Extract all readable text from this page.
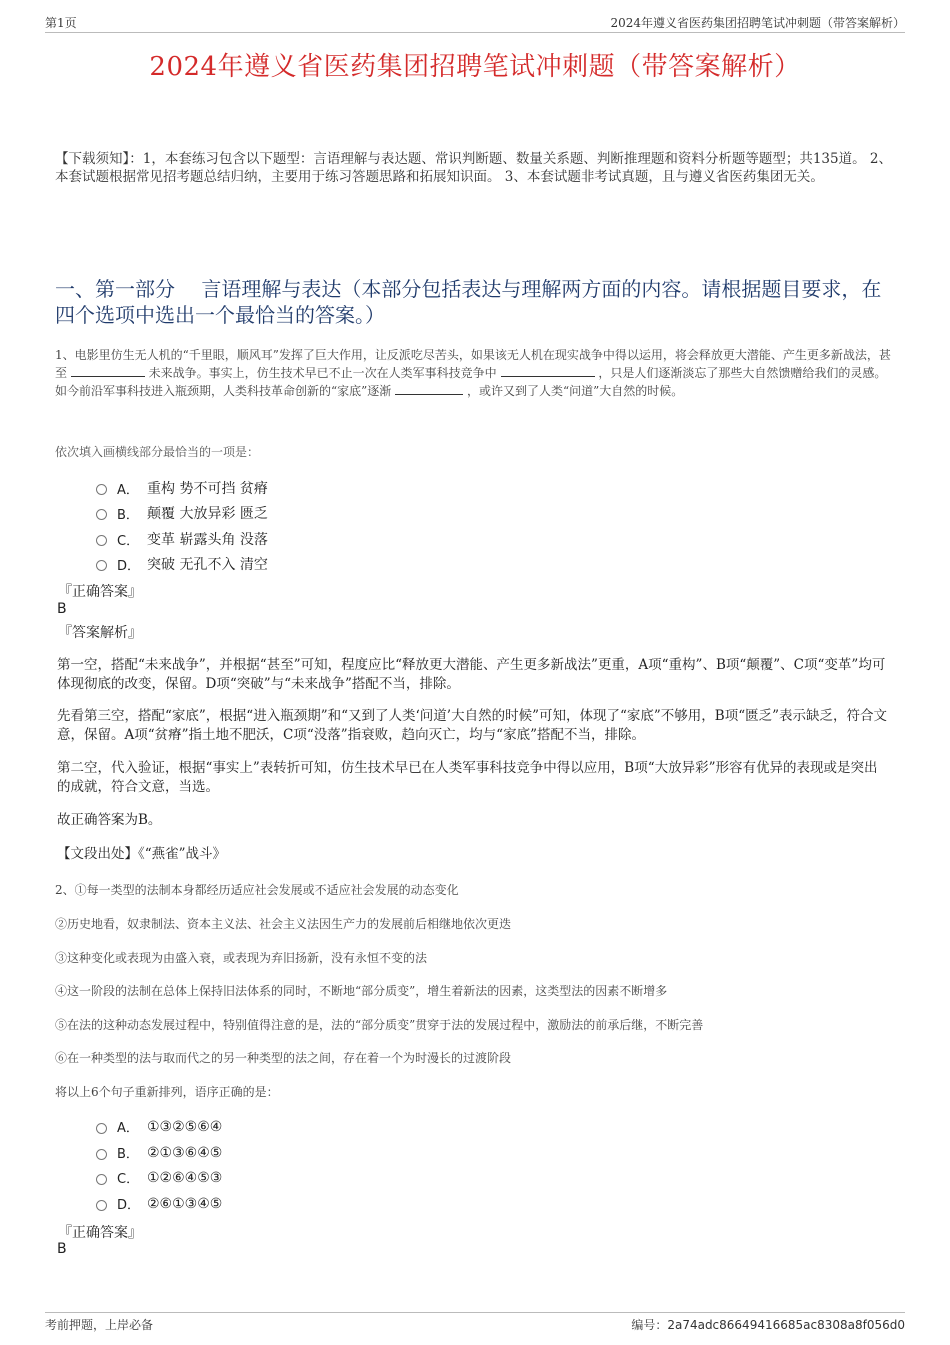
第1页	2024年遵义省医药集团招聘笔试冲刺题（带答案解析）
2024年遵义省医药集团招聘笔试冲刺题（带答案解析）
【下载须知】：1，本套练习包含以下题型：言语理解与表达题、常识判断题、数量关系题、判断推理题和资料分析题等题型；共135道。 2、本套试题根据常见招考题总结归纳，主要用于练习答题思路和拓展知识面。 3、本套试题非考试真题，且与遵义省医药集团无关。
一、第一部分　 言语理解与表达（本部分包括表达与理解两方面的内容。请根据题目要求，在四个选项中选出一个最恰当的答案。）
1、电影里仿生无人机的“千里眼，顺风耳”发挥了巨大作用，让反派吃尽苦头，如果该无人机在现实战争中得以运用，将会释放更大潜能、产生更多新战法，甚至	未来战争。事实上，仿生技术早已不止一次在人类军事科技竞争中	，只是人们逐渐淡忘了那些大自然馈赠给我们的灵感。如今前沿军事科技进入瓶颈期，人类科技革命创新的“家底”逐渐	，或许又到了人类“问道”大自然的时候。
依次填入画横线部分最恰当的一项是：
A． 重构 势不可挡 贫瘠
B． 颠覆 大放异彩 匮乏
C． 变革 崭露头角 没落
D． 突破 无孔不入 清空
『正确答案』
B
『答案解析』
第一空，搭配“未来战争”，并根据“甚至”可知，程度应比“释放更大潜能、产生更多新战法”更重，A项“重构”、B项“颠覆”、C项“变革”均可体现彻底的改变，保留。D项“突破”与“未来战争”搭配不当，排除。
先看第三空，搭配“家底”，根据“进入瓶颈期”和“又到了人类‘问道’大自然的时候”可知，体现了“家底”不够用，B项“匮乏”表示缺乏，符合文意，保留。A项“贫瘠”指土地不肥沃，C项“没落”指衰败，趋向灭亡，均与“家底”搭配不当，排除。
第二空，代入验证，根据“事实上”表转折可知，仿生技术早已在人类军事科技竞争中得以应用，B项“大放异彩”形容有优异的表现或是突出的成就，符合文意，当选。
故正确答案为B。
【文段出处】《“燕雀”战斗》
2、①每一类型的法制本身都经历适应社会发展或不适应社会发展的动态变化
②历史地看，奴隶制法、资本主义法、社会主义法因生产力的发展前后相继地依次更迭
③这种变化或表现为由盛入衰，或表现为弃旧扬新，没有永恒不变的法
④这一阶段的法制在总体上保持旧法体系的同时，不断地“部分质变”，增生着新法的因素，这类型法的因素不断增多
⑤在法的这种动态发展过程中，特别值得注意的是，法的“部分质变”贯穿于法的发展过程中，激励法的前承后继，不断完善
⑥在一种类型的法与取而代之的另一种类型的法之间，存在着一个为时漫长的过渡阶段
将以上6个句子重新排列，语序正确的是：
A． ①③②⑤⑥④
B． ②①③⑥④⑤
C． ①②⑥④⑤③
D． ②⑥①③④⑤
『正确答案』
B
考前押题，上岸必备	编号：2a74adc86649416685ac8308a8f056d0
